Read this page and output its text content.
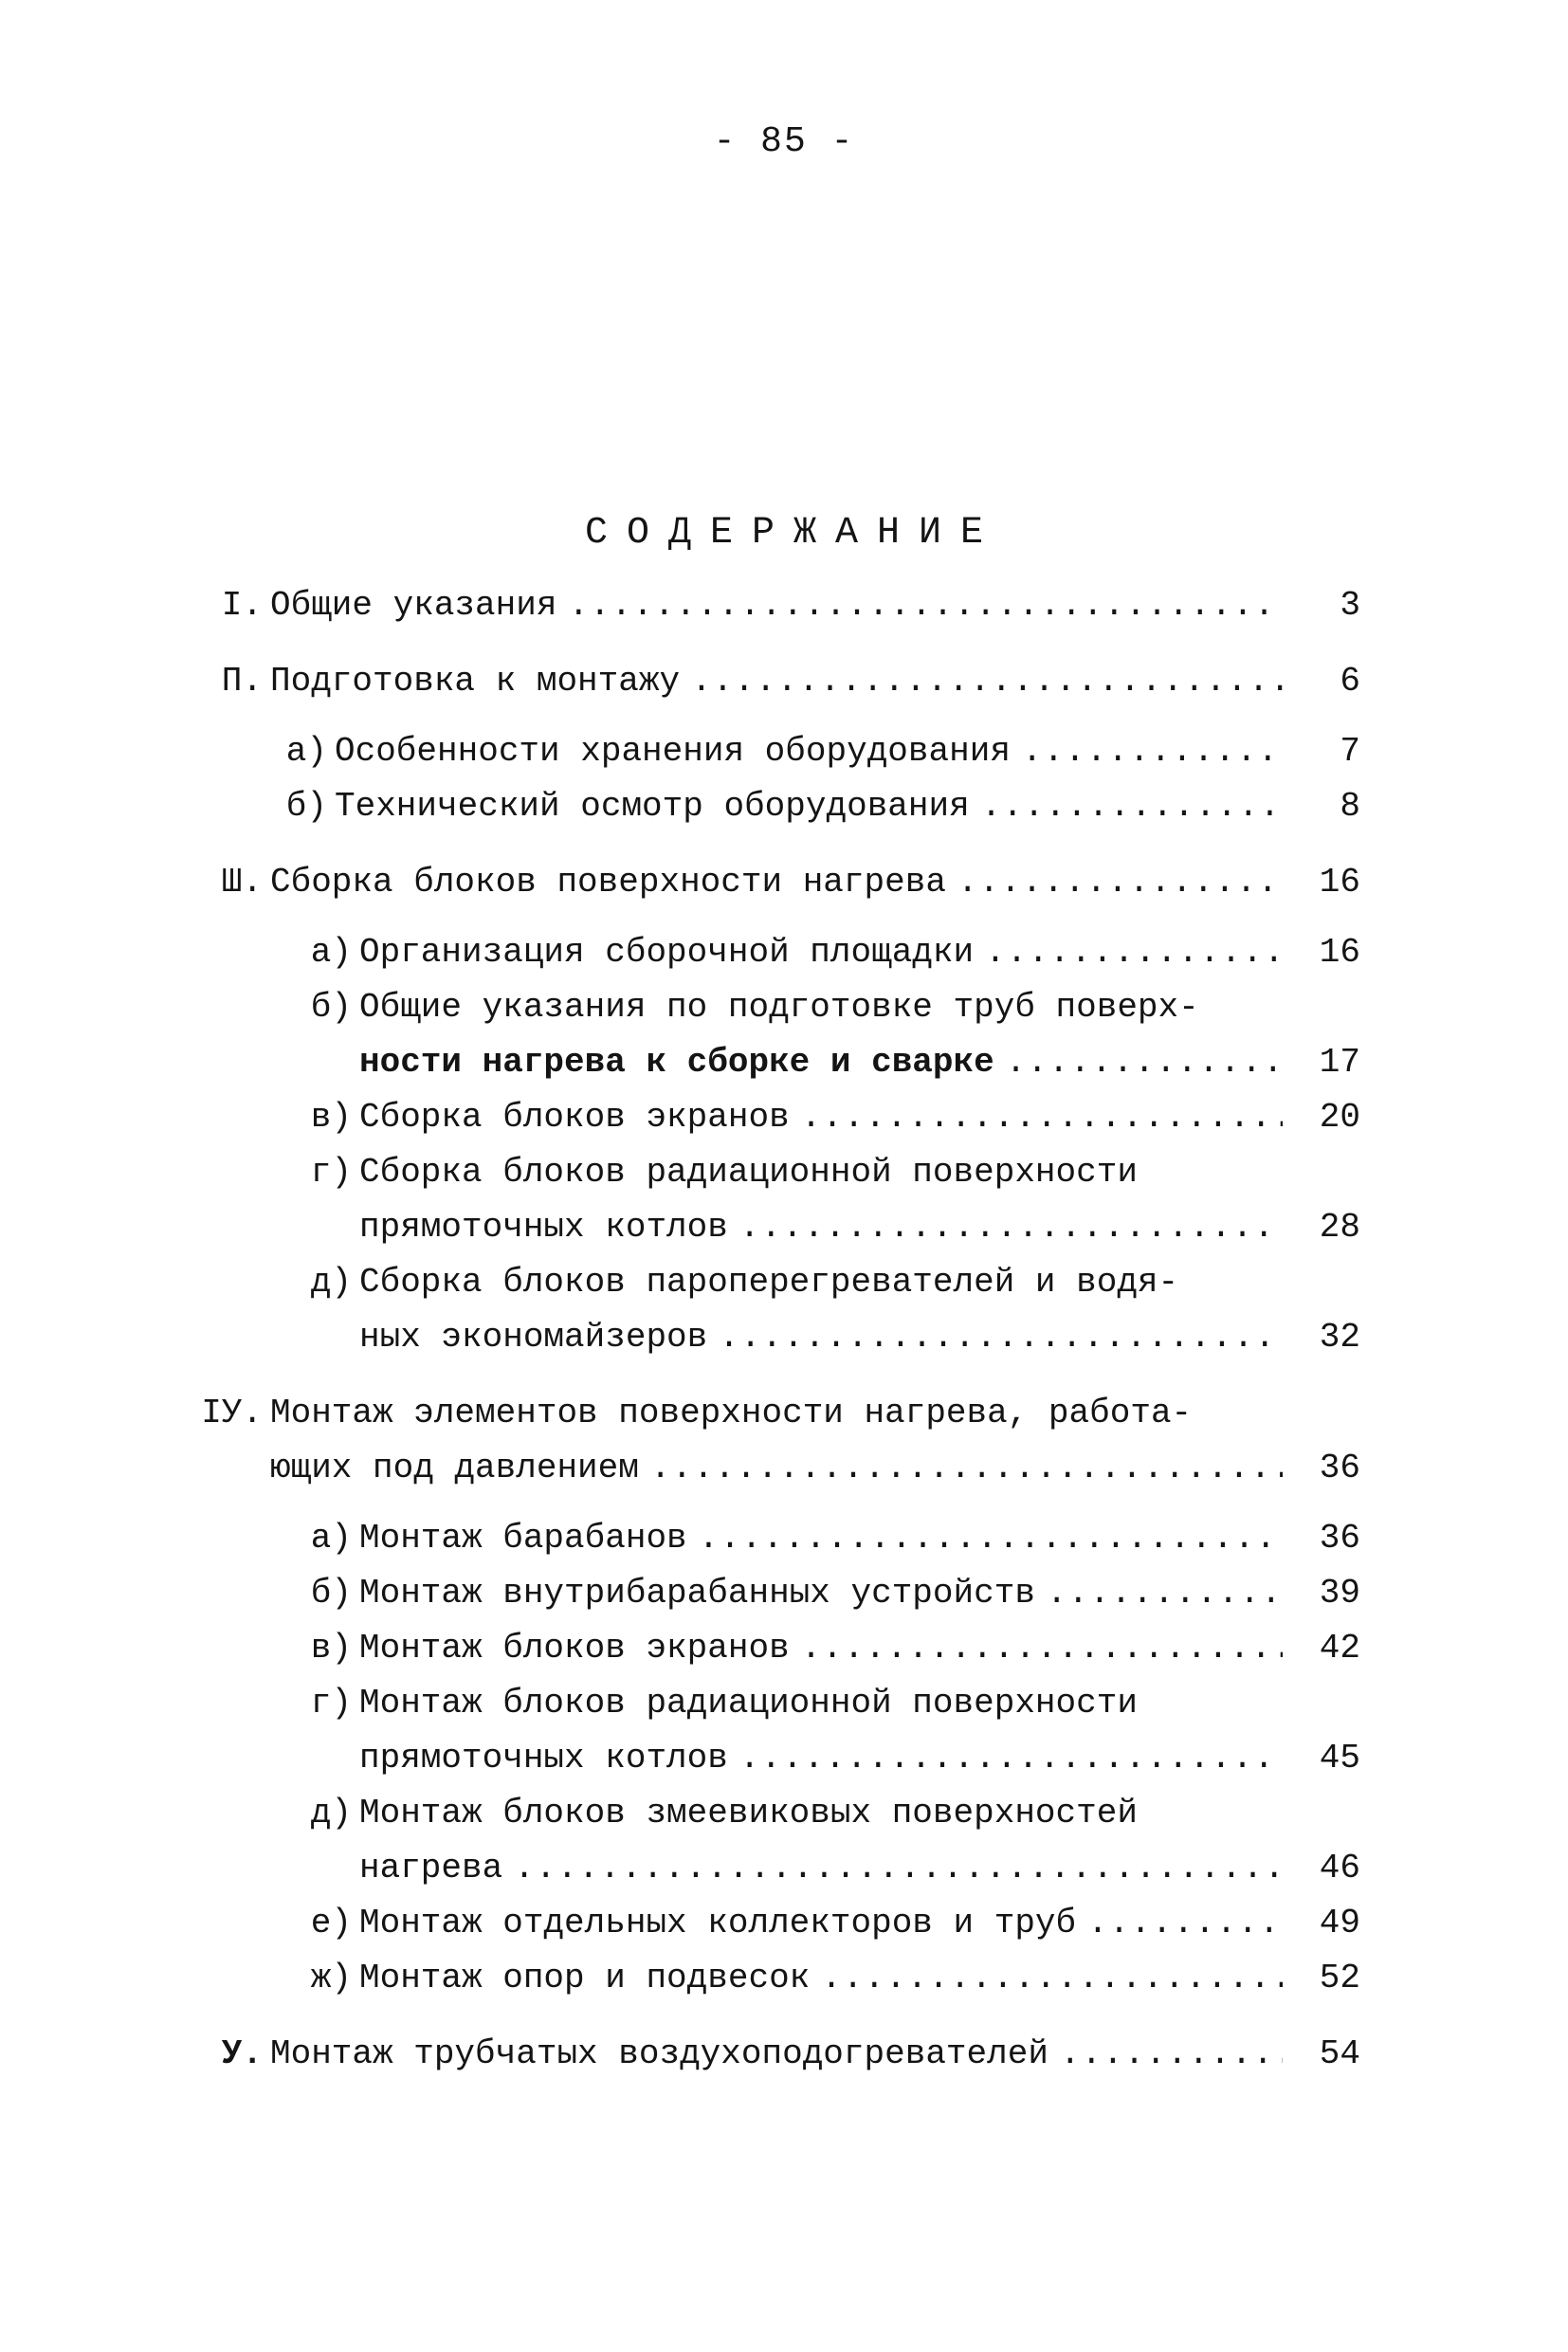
- 85 -
СОДЕРЖАНИЕ
I. Общие указания .....	3
П. Подготовка к монтажу .....	6
а) Особенности хранения оборудования .....	7
б) Технический осмотр оборудования .....	8
Ш. Сборка блоков поверхности нагрева .....	16
а) Организация сборочной площадки .....	16
б) Общие указания по подготовке труб поверх-
ности нагрева к сборке и сварке .....	17
в) Сборка блоков экранов .....	20
г) Сборка блоков радиационной поверхности
прямоточных котлов .....	28
д) Сборка блоков пароперегревателей и водя-
ных экономайзеров .....	32
IУ. Монтаж элементов поверхности нагрева, работа-
ющих под давлением .....	36
а) Монтаж барабанов .....	36
б) Монтаж внутрибарабанных устройств .....	39
в) Монтаж блоков экранов .....	42
г) Монтаж блоков радиационной поверхности
прямоточных котлов .....	45
д) Монтаж блоков змеевиковых поверхностей
нагрева .....	46
е) Монтаж отдельных коллекторов и труб .....	49
ж) Монтаж опор и подвесок .....	52
У. Монтаж трубчатых воздухоподогревателей .....	54
